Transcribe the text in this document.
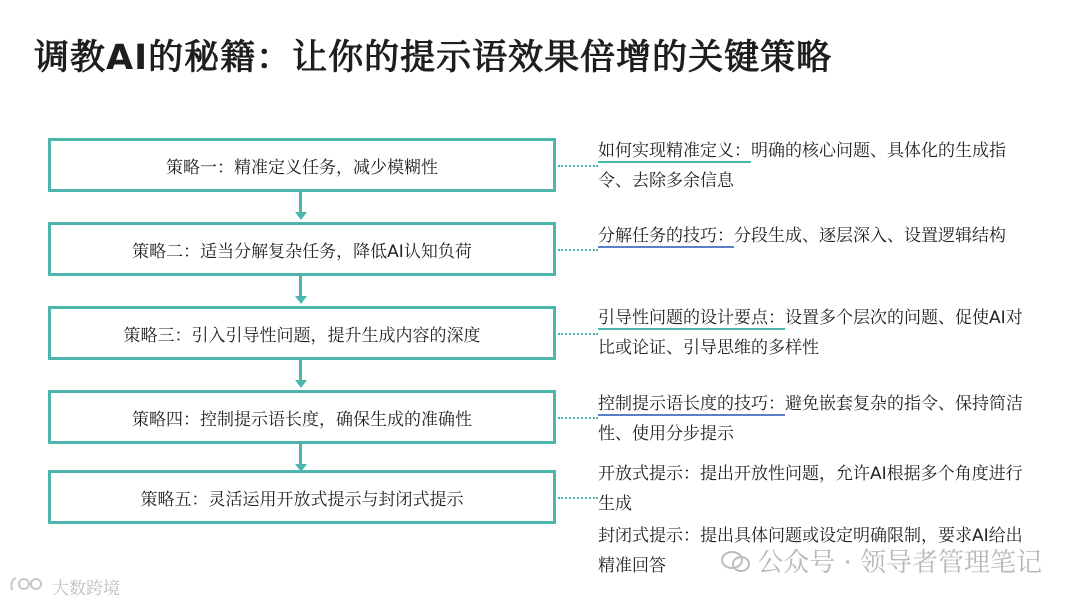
调教AI的秘籍：让你的提示语效果倍增的关键策略
策略一：精准定义任务，减少模糊性
如何实现精准定义：明确的核心问题、具体化的生成指令、去除多余信息
策略二：适当分解复杂任务，降低AI认知负荷
分解任务的技巧：分段生成、逐层深入、设置逻辑结构
策略三：引入引导性问题，提升生成内容的深度
引导性问题的设计要点：设置多个层次的问题、促使AI对比或论证、引导思维的多样性
策略四：控制提示语长度，确保生成的准确性
控制提示语长度的技巧：避免嵌套复杂的指令、保持简洁性、使用分步提示
策略五：灵活运用开放式提示与封闭式提示
开放式提示：提出开放性问题，允许AI根据多个角度进行生成
封闭式提示：提出具体问题或设定明确限制，要求AI给出精准回答	公众号 · 领导者管理笔记
大数跨境
